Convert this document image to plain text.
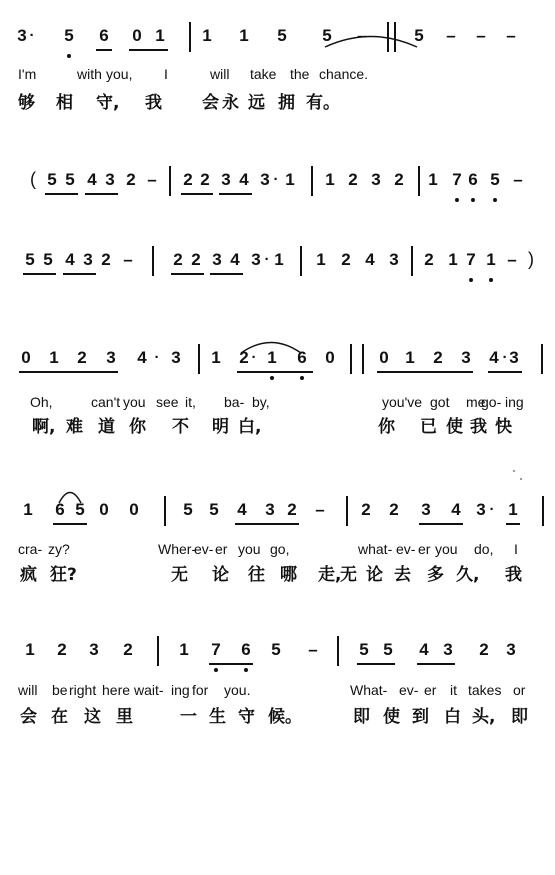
3 ·	5 6 0 1 1 1 5 5 –	5 – – –
I'm	with you, I	will take the chance.
够 相 守, 我 会 永 远 拥 有。
5 5 4 3 2 – 2 2 3 4 3 · 1 1 2 3 2 1 7 6 5 –
(
5 5 4 3 2 – 2 2 3 4 3 · 1 1 2 4 3 2 1 7 1 – )
0 1 2 3 4 · 3 1 2 · 1 6 0	0 1 2 3 4 · 3
Oh,	can't you see it, ba- by,	you've got me
go- ing
啊, 难 道 你 不 明 白,	你 已 使 我 快
1 6 5 0 0	5 5 4 3 2 – 2 2 3 4 3 · 1
cra- zy?	Wher-
ev- er you go,	what- ev- er you do, I
疯 狂?	无 论 往 哪 走,
无 论 去 多 久, 我
1 2 3 2	1 7 6 5 – 5 5 4 3 2 3
will be right here wait- ing for you.	What- ev- er it takes or
会 在 这 里	一 生 守 候。	即 使 到 白 头, 即
